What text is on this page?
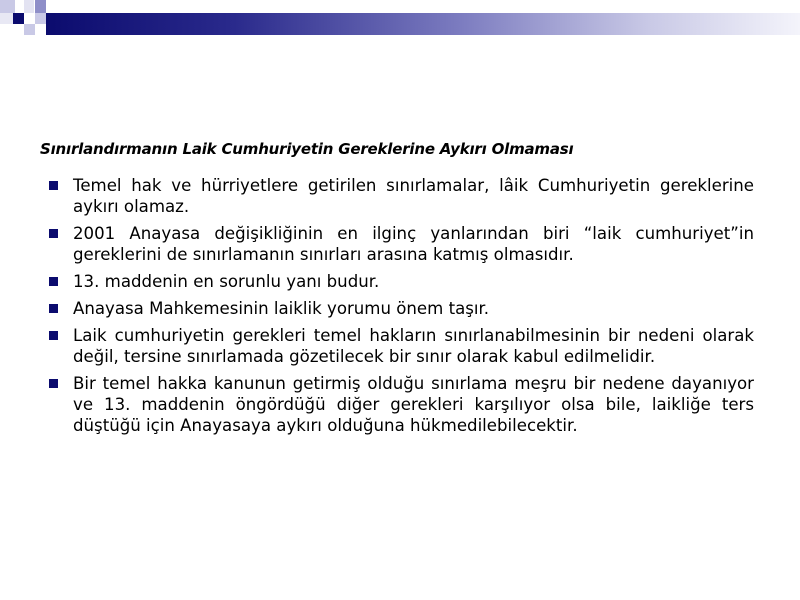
Sınırlandırmanın Laik Cumhuriyetin Gereklerine Aykırı Olmaması
Temel hak ve hürriyetlere getirilen sınırlamalar, lâik Cumhuriyetin gereklerine aykırı olamaz.
2001 Anayasa değişikliğinin en ilginç yanlarından biri “laik cumhuriyet”in gereklerini de sınırlamanın sınırları arasına katmış olmasıdır.
13. maddenin en sorunlu yanı budur.
Anayasa Mahkemesinin laiklik yorumu önem taşır.
Laik cumhuriyetin gerekleri temel hakların sınırlanabilmesinin bir nedeni olarak değil, tersine sınırlamada gözetilecek bir sınır olarak kabul edilmelidir.
Bir temel hakka kanunun getirmiş olduğu sınırlama meşru bir nedene dayanıyor ve 13. maddenin öngördüğü diğer gerekleri karşılıyor olsa bile, laikliğe ters düştüğü için Anayasaya aykırı olduğuna hükmedilebilecektir.
